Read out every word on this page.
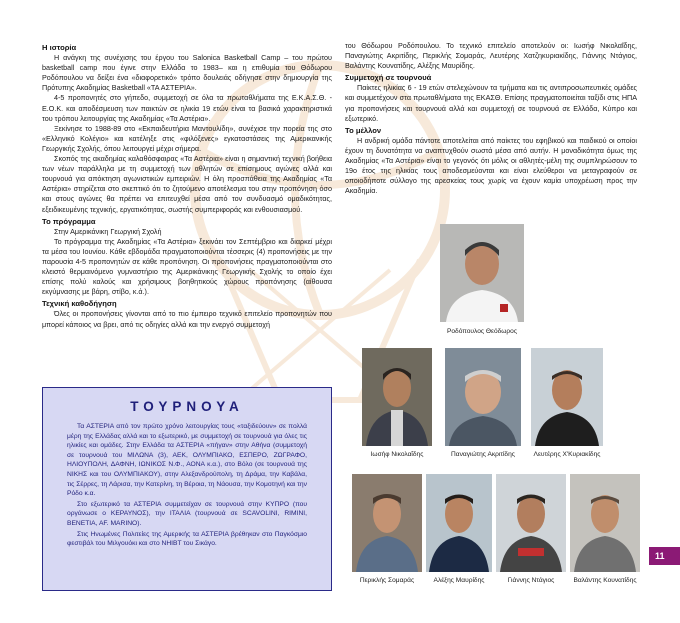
Η ιστορία

Η ανάγκη της συνέχισης του έργου του Salonica Basketball Camp – του πρώτου basketball camp που έγινε στην Ελλάδα το 1983– και η επιθυμία του Θόδωρου Ροδόπουλου να δείξει ένα «διαφορετικό» τρόπο δουλειάς οδήγησε στην δημιουργία της Πρότυπης Ακαδημίας Basketball «ΤΑ ΑΣΤΕΡΙΑ».

4-5 προπονητές στο γήπεδο, συμμετοχή σε όλα τα πρωταθλήματα της Ε.Κ.Α.Σ.Θ. - Ε.Ο.Κ. και αποδέσμευση των παικτών σε ηλικία 19 ετών είναι τα βασικά χαρακτηριστικά του τρόπου λειτουργίας της Ακαδημίας «Τα Αστέρια».

Ξεκίνησε το 1988-89 στο «Εκπαιδευτήρια Μαντουλίδη», συνέχισε την πορεία της στο «Ελληνικό Κολέγιο» και κατέληξε στις «φιλόξενες» εγκαταστάσεις της Αμερικανικής Γεωργικής Σχολής, όπου λειτουργεί μέχρι σήμερα.

Σκοπός της ακαδημίας καλαθόσφαιρας «Τα Αστέρια» είναι η σημαντική τεχνική βοήθεια των νέων παράλληλα με τη συμμετοχή των αθλητών σε επίσημους αγώνες αλλά και τουρνουά για απόκτηση αγωνιστικών εμπειριών. Η όλη προσπάθεια της Ακαδημίας «Τα Αστέρια» στηρίζεται στο σκεπτικό ότι το ζητούμενο αποτέλεσμα του στην προπόνηση όσο και στους αγώνες θα πρέπει να επιτευχθεί μέσα από τον συνδυασμό ομαδικότητας, εξειδικευμένης τεχνικής, εργατικότητας, σωστής συμπεριφοράς και ενθουσιασμού.

Το πρόγραμμα

Στην Αμερικάνικη Γεωργική Σχολή

Το πρόγραμμα της Ακαδημίας «Τα Αστέρια» ξεκινάει τον Σεπτέμβριο και διαρκεί μέχρι τα μέσα του Ιουνίου. Κάθε εβδομάδα πραγματοποιούνται τέσσερις (4) προπονήσεις με την παρουσία 4-5 προπονητών σε κάθε προπόνηση. Οι προπονήσεις πραγματοποιούνται στο κλειστό θερμαινόμενο γυμναστήριο της Αμερικάνικης Γεωργικής Σχολής το οποίο έχει επίσης πολύ καλούς και χρήσιμους βοηθητικούς χώρους προπόνησης (αίθουσα εκγύμνασης με βάρη, στίβο, κ.ά.).

Τεχνική καθοδήγηση

Όλες οι προπονήσεις γίνονται από το πιο έμπειρο τεχνικό επιτελείο προπονητών που μπορεί κάποιος να βρει, από τις οδηγίες αλλά και την ενεργό συμμετοχή

ΤΟΥΡΝΟΥΑ

Τα ΑΣΤΕΡΙΑ από τον πρώτο χρόνο λειτουργίας τους «ταξιδεύουν» σε πολλά μέρη της Ελλάδας αλλά και το εξωτερικό, με συμμετοχή σε τουρνουά για όλες τις ηλικίες και ομάδες. Στην Ελλάδα τα ΑΣΤΕΡΙΑ «πήγαν» στην Αθήνα (συμμετοχή σε τουρνουά του ΜΙΛΩΝΑ (3), ΑΕΚ, ΟΛΥΜΠΙΑΚΟ, ΕΣΠΕΡΟ, ΖΩΓΡΑΦΟ, ΗΛΙΟΥΠΟΛΗ, ΔΑΦΝΗ, ΙΩΝΙΚΟΣ Ν.Φ., ΑΟΝΑ κ.α.), στο Βόλο (σε τουρνουά της ΝΙΚΗΣ και του ΟΛΥΜΠΙΑΚΟΥ), στην Αλεξανδρούπολη, τη Δράμα, την Καβάλα, τις Σέρρες, τη Λάρισα, την Κατερίνη, τη Βέροια, τη Νάουσα, την Κομοτηνή και την Ρόδο κ.α.

Στο εξωτερικό τα ΑΣΤΕΡΙΑ συμμετείχαν σε τουρνουά στην ΚΥΠΡΟ (που οργάνωσε ο ΚΕΡΑΥΝΟΣ), την ΙΤΑΛΙΑ (τουρνουά σε SCAVOLINI, RIMINI, BENETIA, AF. MARINO).

Στις Ηνωμένες Πολιτείες της Αμερικής τα ΑΣΤΕΡΙΑ βρέθηκαν στο Παγκόσμιο φεστιβάλ του Μιλγουόκι και στο NHIBT του Σικάγο.

του Θόδωρου Ροδόπουλου. Το τεχνικό επιτελείο αποτελούν οι: Ιωσήφ Νικολαΐδης, Παναγιώτης Ακριτίδης, Περικλής Σομαράς, Λευτέρης Χατζηκυριακίδης, Γιάννης Ντάγιος, Βαλάντης Κουνατίδης, Αλέξης Μαυρίδης.

Συμμετοχή σε τουρνουά

Παίκτες ηλικίας 6 - 19 ετών στελεχώνουν τα τμήματα και τις αντιπροσωπευτικές ομάδες και συμμετέχουν στα πρωταθλήματα της ΕΚΑΣΘ. Επίσης πραγματοποιείται ταξίδι στις ΗΠΑ για προπονήσεις και τουρνουά αλλά και συμμετοχή σε τουρνουά σε Ελλάδα, Κύπρο και εξωτερικό.

Το μέλλον

Η ανδρική ομάδα πάντοτε αποτελείται από παίκτες του εφηβικού και παιδικού οι οποίοι έχουν τη δυνατότητα να αναπτυχθούν σωστά μέσα από αυτήν. Η μοναδικότητα όμως της Ακαδημίας «Τα Αστέρια» είναι το γεγονός ότι μόλις οι αθλητές-μέλη της συμπληρώσουν το 19ο έτος της ηλικίας τους αποδεσμεύονται και είναι ελεύθεροι να μεταγραφούν σε οποιοδήποτε σύλλογο της αρεσκείας τους χωρίς να έχουν καμία υποχρέωση προς την Ακαδημία.

Ροδόπουλος Θεόδωρος
Ιωσήφ Νικολαΐδης	Παναγιώτης Ακριτίδης	Λευτέρης Χ'Κυριακίδης
Περικλής Σομαράς	Αλέξης Μαυρίδης	Γιάννης Ντάγιος	Βαλάντης Κουνατίδης
11
